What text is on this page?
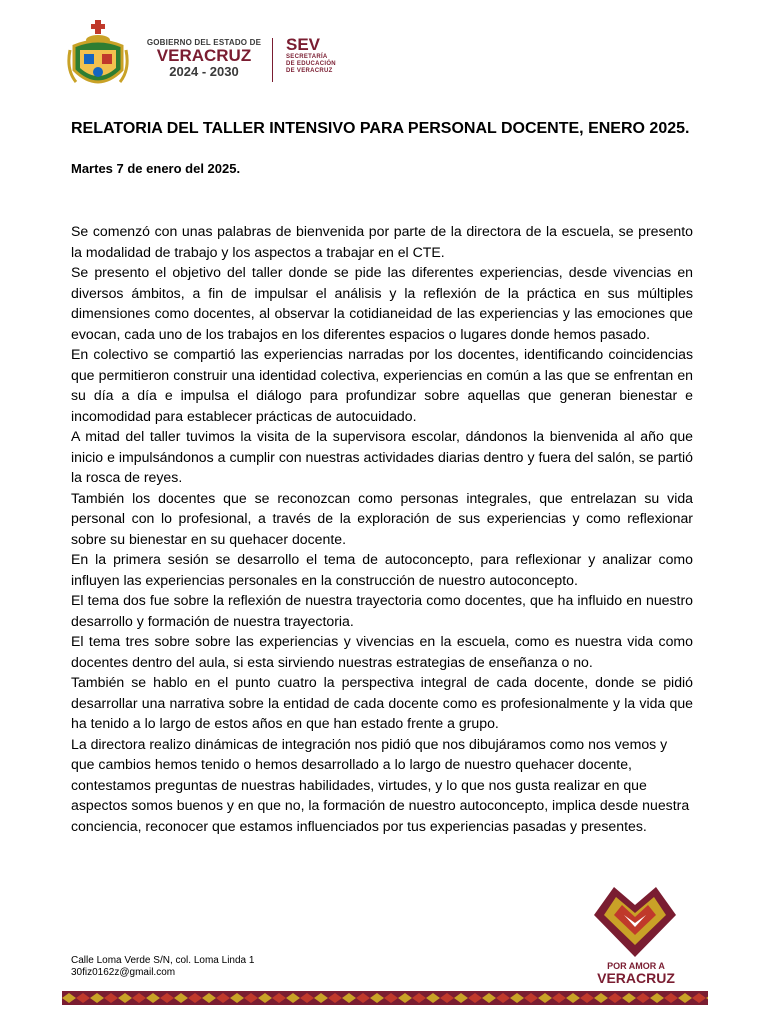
GOBIERNO DEL ESTADO DE
VERACRUZ
2024 - 2030
SEV
SECRETARÍA
DE EDUCACIÓN
DE VERACRUZ
RELATORIA DEL TALLER INTENSIVO PARA PERSONAL DOCENTE, ENERO 2025.
Martes 7 de enero del 2025.

Se comenzó con unas palabras de bienvenida por parte de la directora de la escuela, se presento la modalidad de trabajo y los aspectos a trabajar en el CTE.

Se presento el objetivo del taller donde se pide las diferentes experiencias, desde vivencias en diversos ámbitos, a fin de impulsar el análisis y la reflexión de la práctica en sus múltiples dimensiones como docentes, al observar la cotidianeidad de las experiencias y las emociones que evocan, cada uno de los trabajos en los diferentes espacios o lugares donde hemos pasado.

En colectivo se compartió las experiencias narradas por los docentes, identificando coincidencias que permitieron construir una identidad colectiva, experiencias en común a las que se enfrentan en su día a día e impulsa el diálogo para profundizar sobre aquellas que generan bienestar e incomodidad para establecer prácticas de autocuidado.

A mitad del taller tuvimos la visita de la supervisora escolar, dándonos la bienvenida al año que inicio e impulsándonos a cumplir con nuestras actividades diarias dentro y fuera del salón, se partió la rosca de reyes.

También los docentes que se reconozcan como personas integrales, que entrelazan su vida personal con lo profesional, a través de la exploración de sus experiencias y como reflexionar sobre su bienestar en su quehacer docente.

En la primera sesión se desarrollo el tema de autoconcepto, para reflexionar y analizar como influyen las experiencias personales en la construcción de nuestro autoconcepto.

El tema dos fue sobre la reflexión de nuestra trayectoria como docentes, que ha influido en nuestro desarrollo y formación de nuestra trayectoria.

El tema tres sobre sobre las experiencias y vivencias en la escuela, como es nuestra vida como docentes dentro del aula, si esta sirviendo nuestras estrategias de enseñanza o no.

También se hablo en el punto cuatro la perspectiva integral de cada docente, donde se pidió desarrollar una narrativa sobre la entidad de cada docente como es profesionalmente y la vida que ha tenido a lo largo de estos años en que han estado frente a grupo.

La directora realizo dinámicas de integración nos pidió que nos dibujáramos como nos vemos y que cambios hemos tenido o hemos desarrollado a lo largo de nuestro quehacer docente, contestamos preguntas de nuestras habilidades, virtudes, y lo que nos gusta realizar en que aspectos somos buenos y en que no, la formación de nuestro autoconcepto, implica desde nuestra conciencia, reconocer que estamos influenciados por tus experiencias pasadas y presentes.

Calle Loma Verde S/N, col. Loma Linda 1
30fiz0162z@gmail.com
POR AMOR A
VERACRUZ
